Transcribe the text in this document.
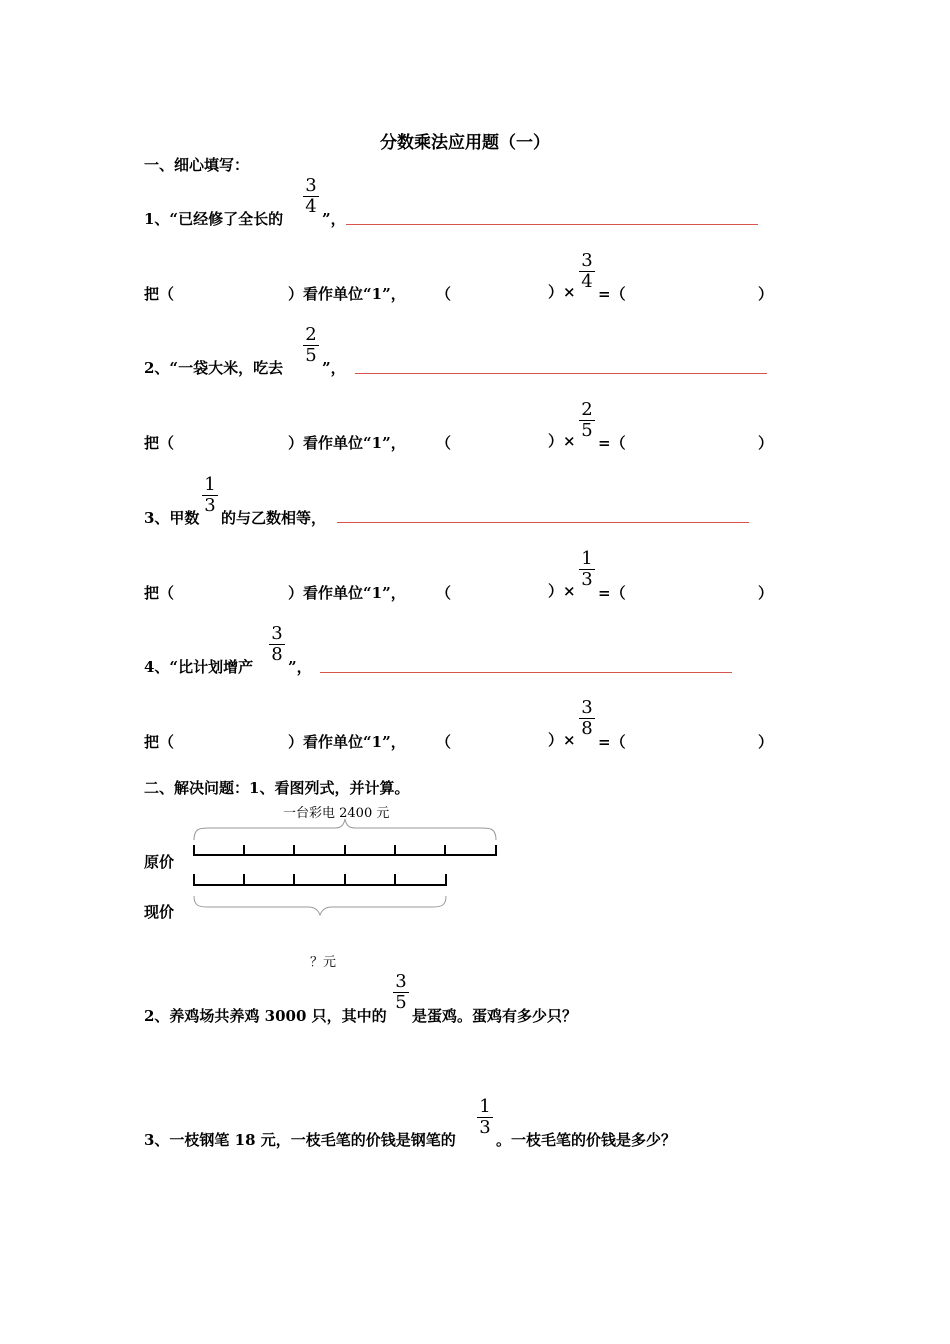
分数乘法应用题（一）
一、细心填写：
1、“已经修了全长的
3
4
”，
把（	）看作单位“1”， （	）×
3
4
=（	）
2、“一袋大米，吃去
2
5
”，
把（	）看作单位“1”， （	）×
2
5
=（	）
3、甲数
1
3
的与乙数相等，
把（	）看作单位“1”， （	）×
1
3
=（	）
4、“比计划增产
3
8
”，
把（	）看作单位“1”， （	）×
3
8
=（	）
二、解决问题：1、看图列式，并计算。
一台彩电 2400 元
原价
现价
？元
2、养鸡场共养鸡 3000 只，其中的
3
5
是蛋鸡。蛋鸡有多少只？
3、一枝钢笔 18 元，一枝毛笔的价钱是钢笔的
1
3
。一枝毛笔的价钱是多少？
